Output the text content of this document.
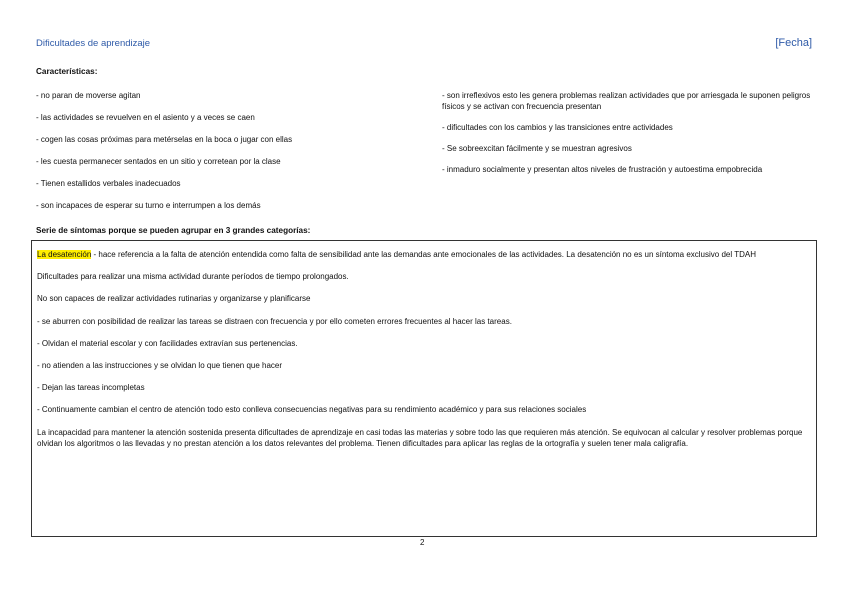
Dificultades de aprendizaje	[Fecha]
Características:

- no paran de moverse agitan

- las actividades se revuelven en el asiento y a veces se caen

- cogen las cosas próximas para metérselas en la boca o jugar con ellas

- les cuesta permanecer sentados en un sitio y corretean por la clase

- Tienen estallidos verbales inadecuados

- son incapaces de esperar su turno e interrumpen a los demás

- son irreflexivos esto les genera problemas realizan actividades que por arriesgada le suponen peligros físicos y se activan con frecuencia presentan

- dificultades con los cambios y las transiciones entre actividades

- Se sobreexcitan fácilmente y se muestran agresivos

- inmaduro socialmente y presentan altos niveles de frustración y autoestima empobrecida

Serie de síntomas porque se pueden agrupar en 3 grandes categorías:

La desatención - hace referencia a la falta de atención entendida como falta de sensibilidad ante las demandas ante emocionales de las actividades. La desatención no es un síntoma exclusivo del TDAH

Dificultades para realizar una misma actividad durante períodos de tiempo prolongados.

No son capaces de realizar actividades rutinarias y organizarse y planificarse

- se aburren con posibilidad de realizar las tareas se distraen con frecuencia y por ello cometen errores frecuentes al hacer las tareas.

- Olvidan el material escolar y con facilidades extravían sus pertenencias.

- no atienden a las instrucciones y se olvidan lo que tienen que hacer

- Dejan las tareas incompletas

- Continuamente cambian el centro de atención todo esto conlleva consecuencias negativas para su rendimiento académico y para sus relaciones sociales

La incapacidad para mantener la atención sostenida presenta dificultades de aprendizaje en casi todas las materias y sobre todo las que requieren más atención. Se equivocan al calcular y resolver problemas porque olvidan los algoritmos o las llevadas y no prestan atención a los datos relevantes del problema. Tienen dificultades para aplicar las reglas de la ortografía y suelen tener mala caligrafía.

2
